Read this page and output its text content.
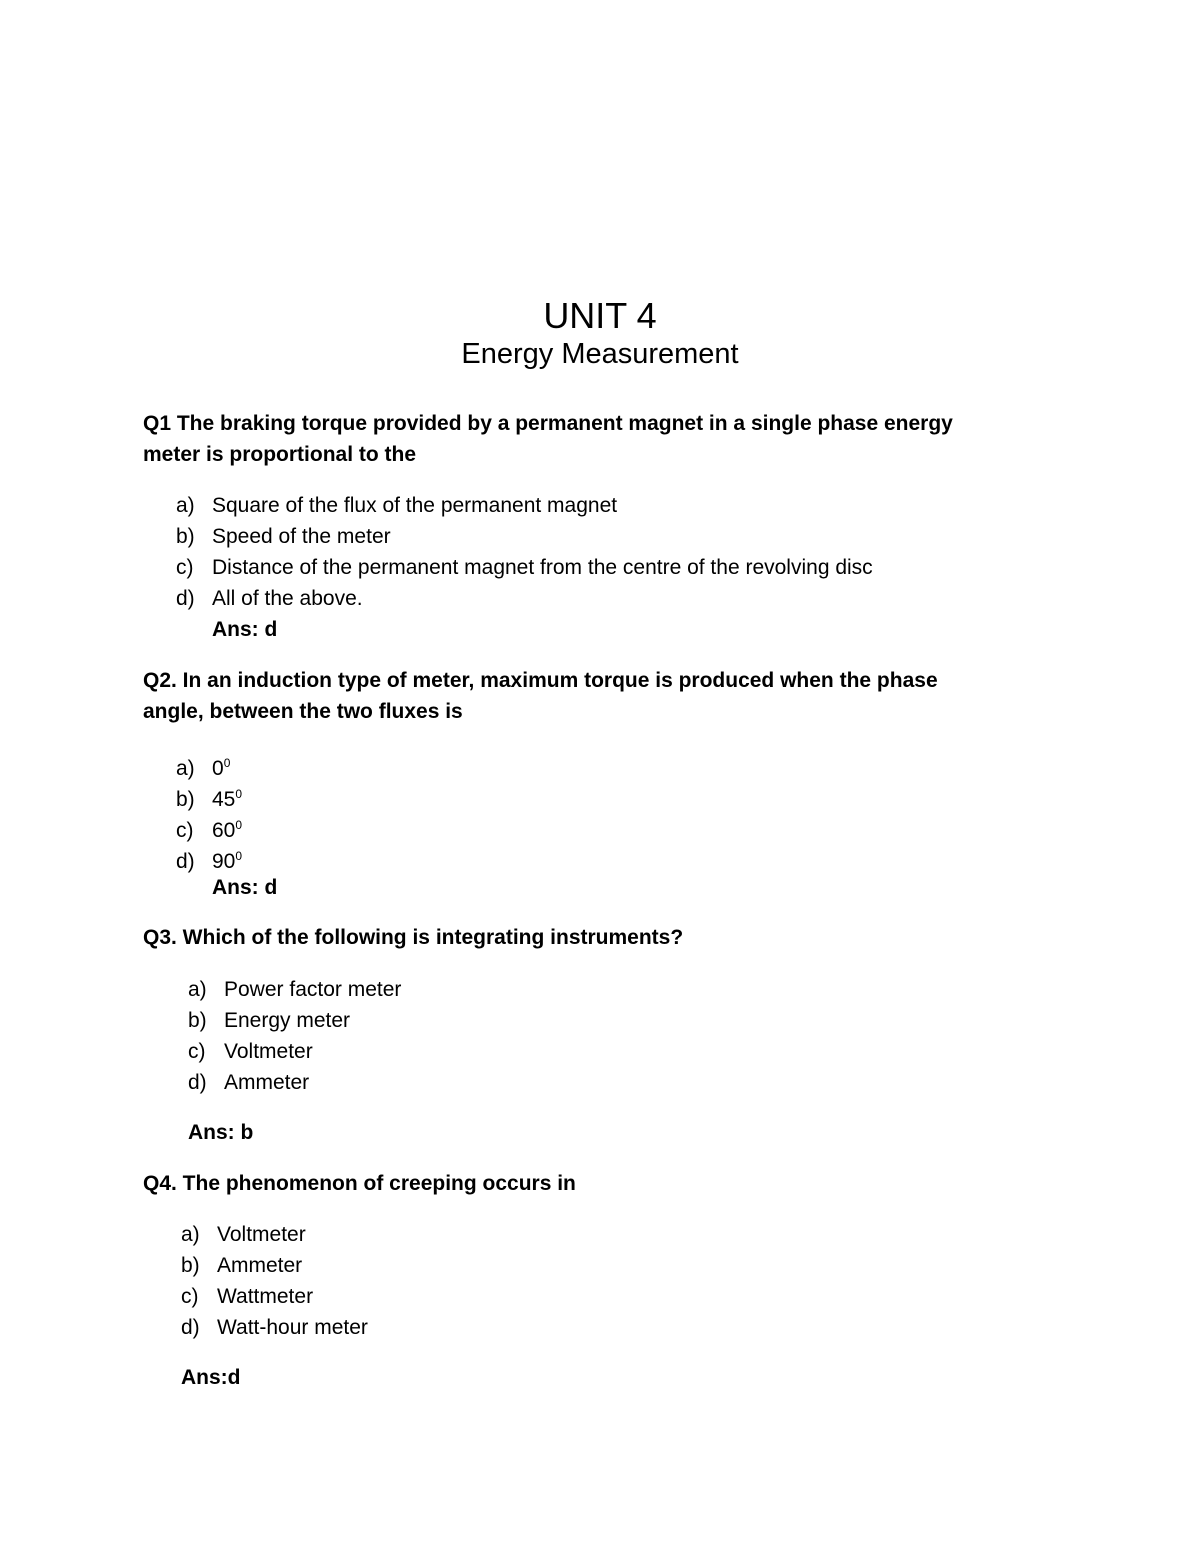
UNIT 4
Energy Measurement
Q1 The braking torque provided by a permanent magnet in a single phase energy
meter is proportional to the
a) Square of the flux of the permanent magnet
b) Speed of the meter
c) Distance of the permanent magnet from the centre of the revolving disc
d) All of the above.
Ans: d
Q2. In an induction type of meter, maximum torque is produced when the phase
angle, between the two fluxes is
a) $0^0$
b) $45^0$
c) $60^0$
d) $90^0$
Ans: d
Q3. Which of the following is integrating instruments?
a) Power factor meter
b) Energy meter
c) Voltmeter
d) Ammeter
Ans: b
Q4. The phenomenon of creeping occurs in
a) Voltmeter
b) Ammeter
c) Wattmeter
d) Watt-hour meter
Ans:d
